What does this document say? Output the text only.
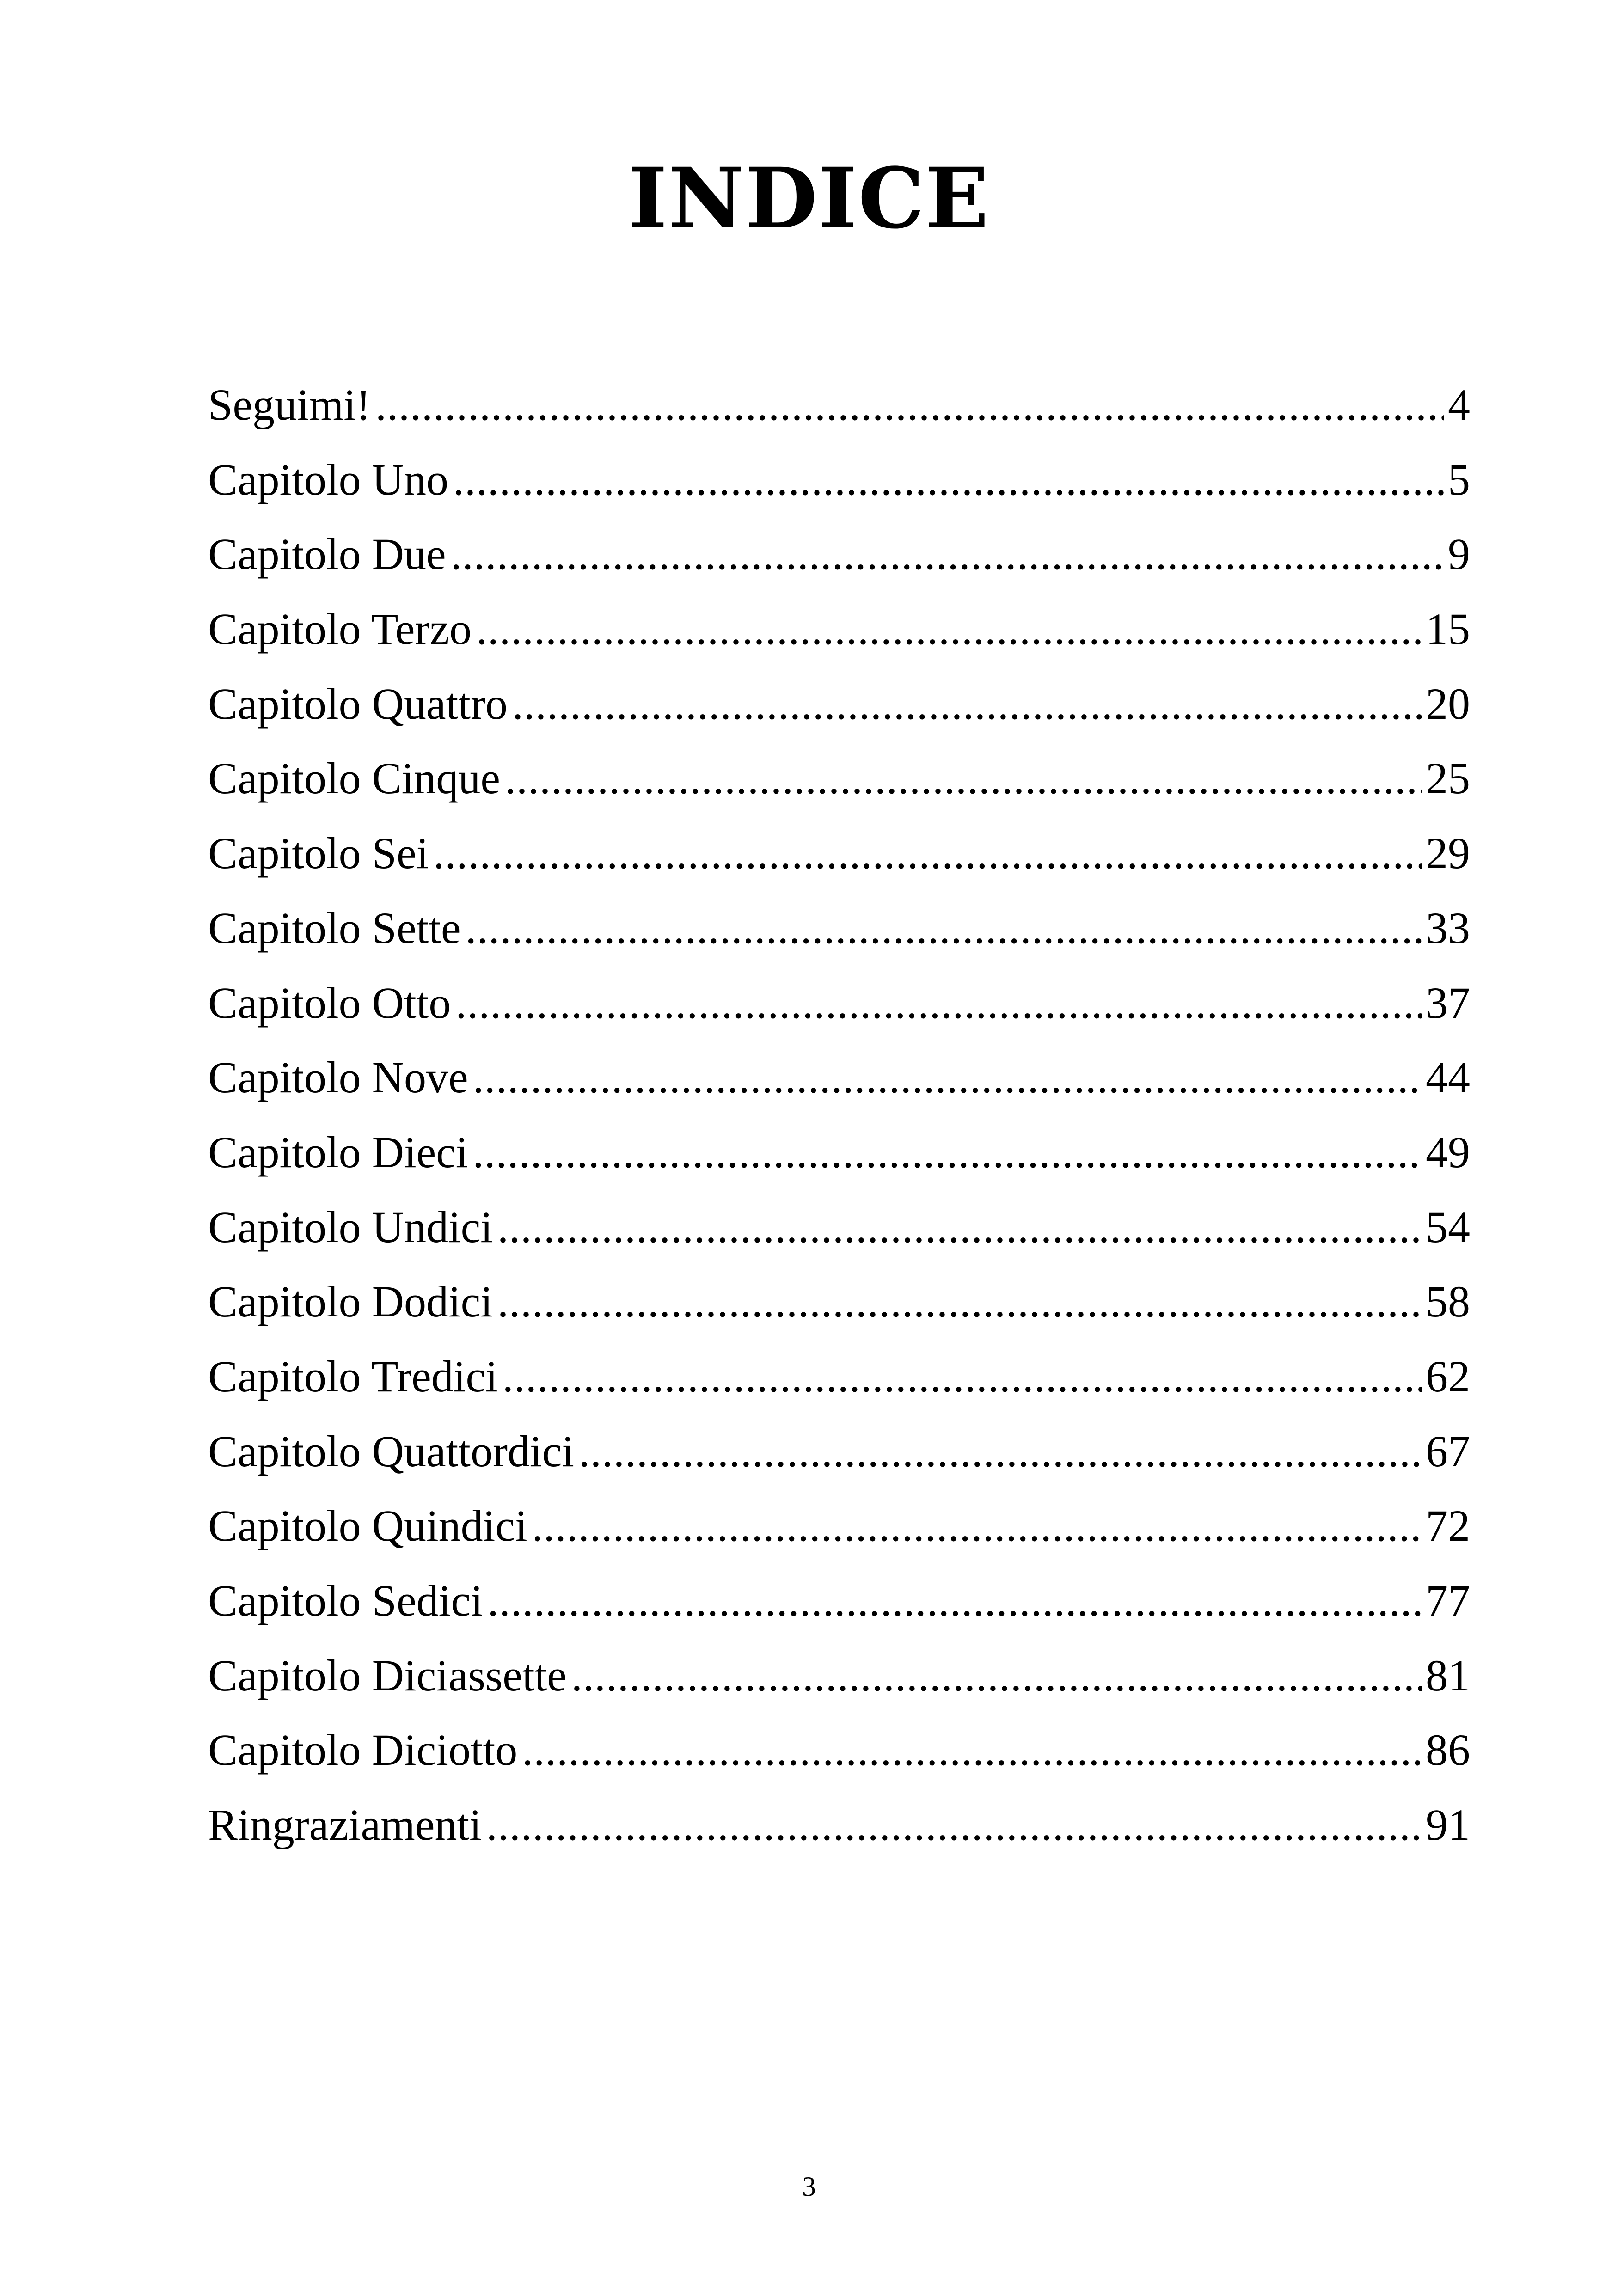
INDICE
Seguimi! .....	4
Capitolo Uno .....	5
Capitolo Due .....	9
Capitolo Terzo .....	15
Capitolo Quattro .....	20
Capitolo Cinque .....	25
Capitolo Sei .....	29
Capitolo Sette .....	33
Capitolo Otto .....	37
Capitolo Nove .....	44
Capitolo Dieci .....	49
Capitolo Undici .....	54
Capitolo Dodici .....	58
Capitolo Tredici .....	62
Capitolo Quattordici .....	67
Capitolo Quindici .....	72
Capitolo Sedici .....	77
Capitolo Diciassette .....	81
Capitolo Diciotto .....	86
Ringraziamenti .....	91
3
